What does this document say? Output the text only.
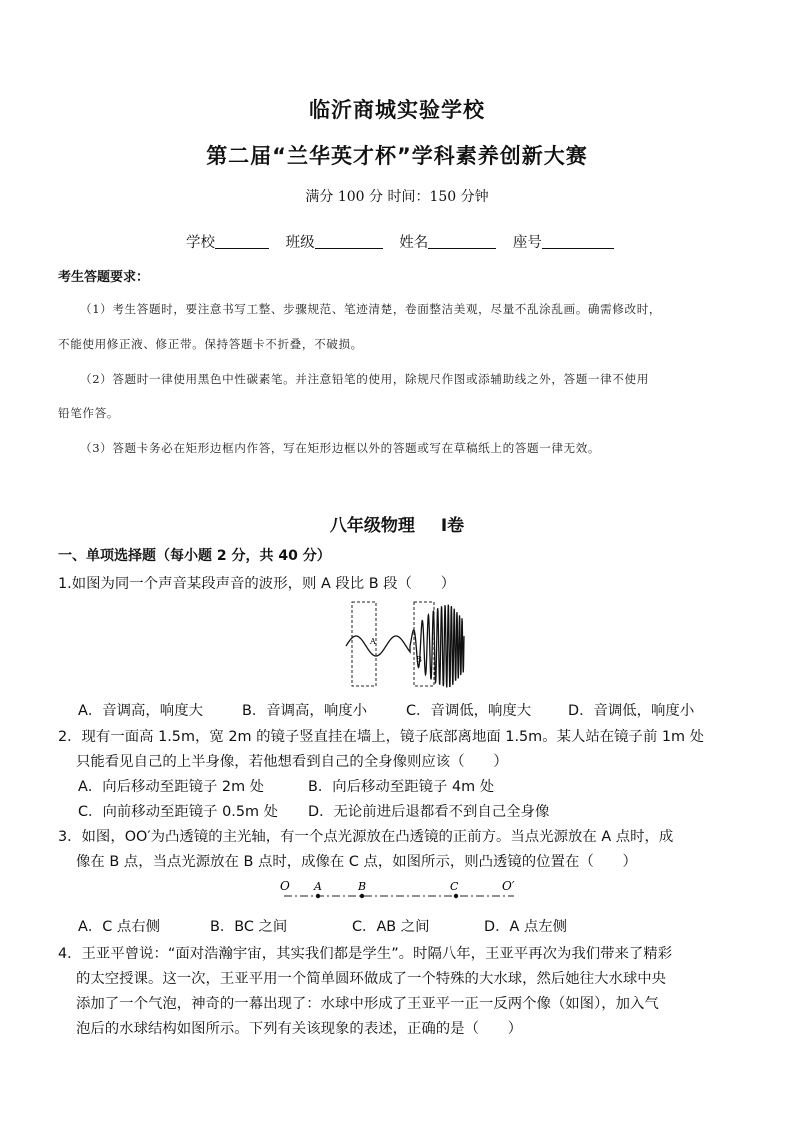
临沂商城实验学校
第二届“兰华英才杯”学科素养创新大赛
满分 100 分 时间：150 分钟
学校	班级	姓名	座号
考生答题要求：
（1）考生答题时，要注意书写工整、步骤规范、笔迹清楚，卷面整洁美观，尽量不乱涂乱画。确需修改时，
不能使用修正液、修正带。保持答题卡不折叠，不破损。
（2）答题时一律使用黑色中性碳素笔。并注意铅笔的使用，除规尺作图或添辅助线之外，答题一律不使用
铅笔作答。
（3）答题卡务必在矩形边框内作答，写在矩形边框以外的答题或写在草稿纸上的答题一律无效。
八年级物理 Ⅰ卷
一、单项选择题（每小题 2 分，共 40 分）
1.如图为同一个声音某段声音的波形，则 A 段比 B 段（　　）
A
B
A．音调高，响度大	B．音调高，响度小	C．音调低，响度大	D．音调低，响度小
2．现有一面高 1.5m，宽 2m 的镜子竖直挂在墙上，镜子底部离地面 1.5m。某人站在镜子前 1m 处
只能看见自己的上半身像，若他想看到自己的全身像则应该（　　）
A．向后移动至距镜子 2m 处	B．向后移动至距镜子 4m 处
C．向前移动至距镜子 0.5m 处 D．无论前进后退都看不到自己全身像
3．如图，OO′为凸透镜的主光轴，有一个点光源放在凸透镜的正前方。当点光源放在 A 点时，成
像在 B 点，当点光源放在 B 点时，成像在 C 点，如图所示，则凸透镜的位置在（　　）
O A	B	C	O′
A．C 点右侧	B．BC 之间	C．AB 之间	D．A 点左侧
4．王亚平曾说：“面对浩瀚宇宙，其实我们都是学生”。时隔八年，王亚平再次为我们带来了精彩
的太空授课。这一次，王亚平用一个简单圆环做成了一个特殊的大水球，然后她往大水球中央
添加了一个气泡，神奇的一幕出现了：水球中形成了王亚平一正一反两个像（如图），加入气
泡后的水球结构如图所示。下列有关该现象的表述，正确的是（　　）
